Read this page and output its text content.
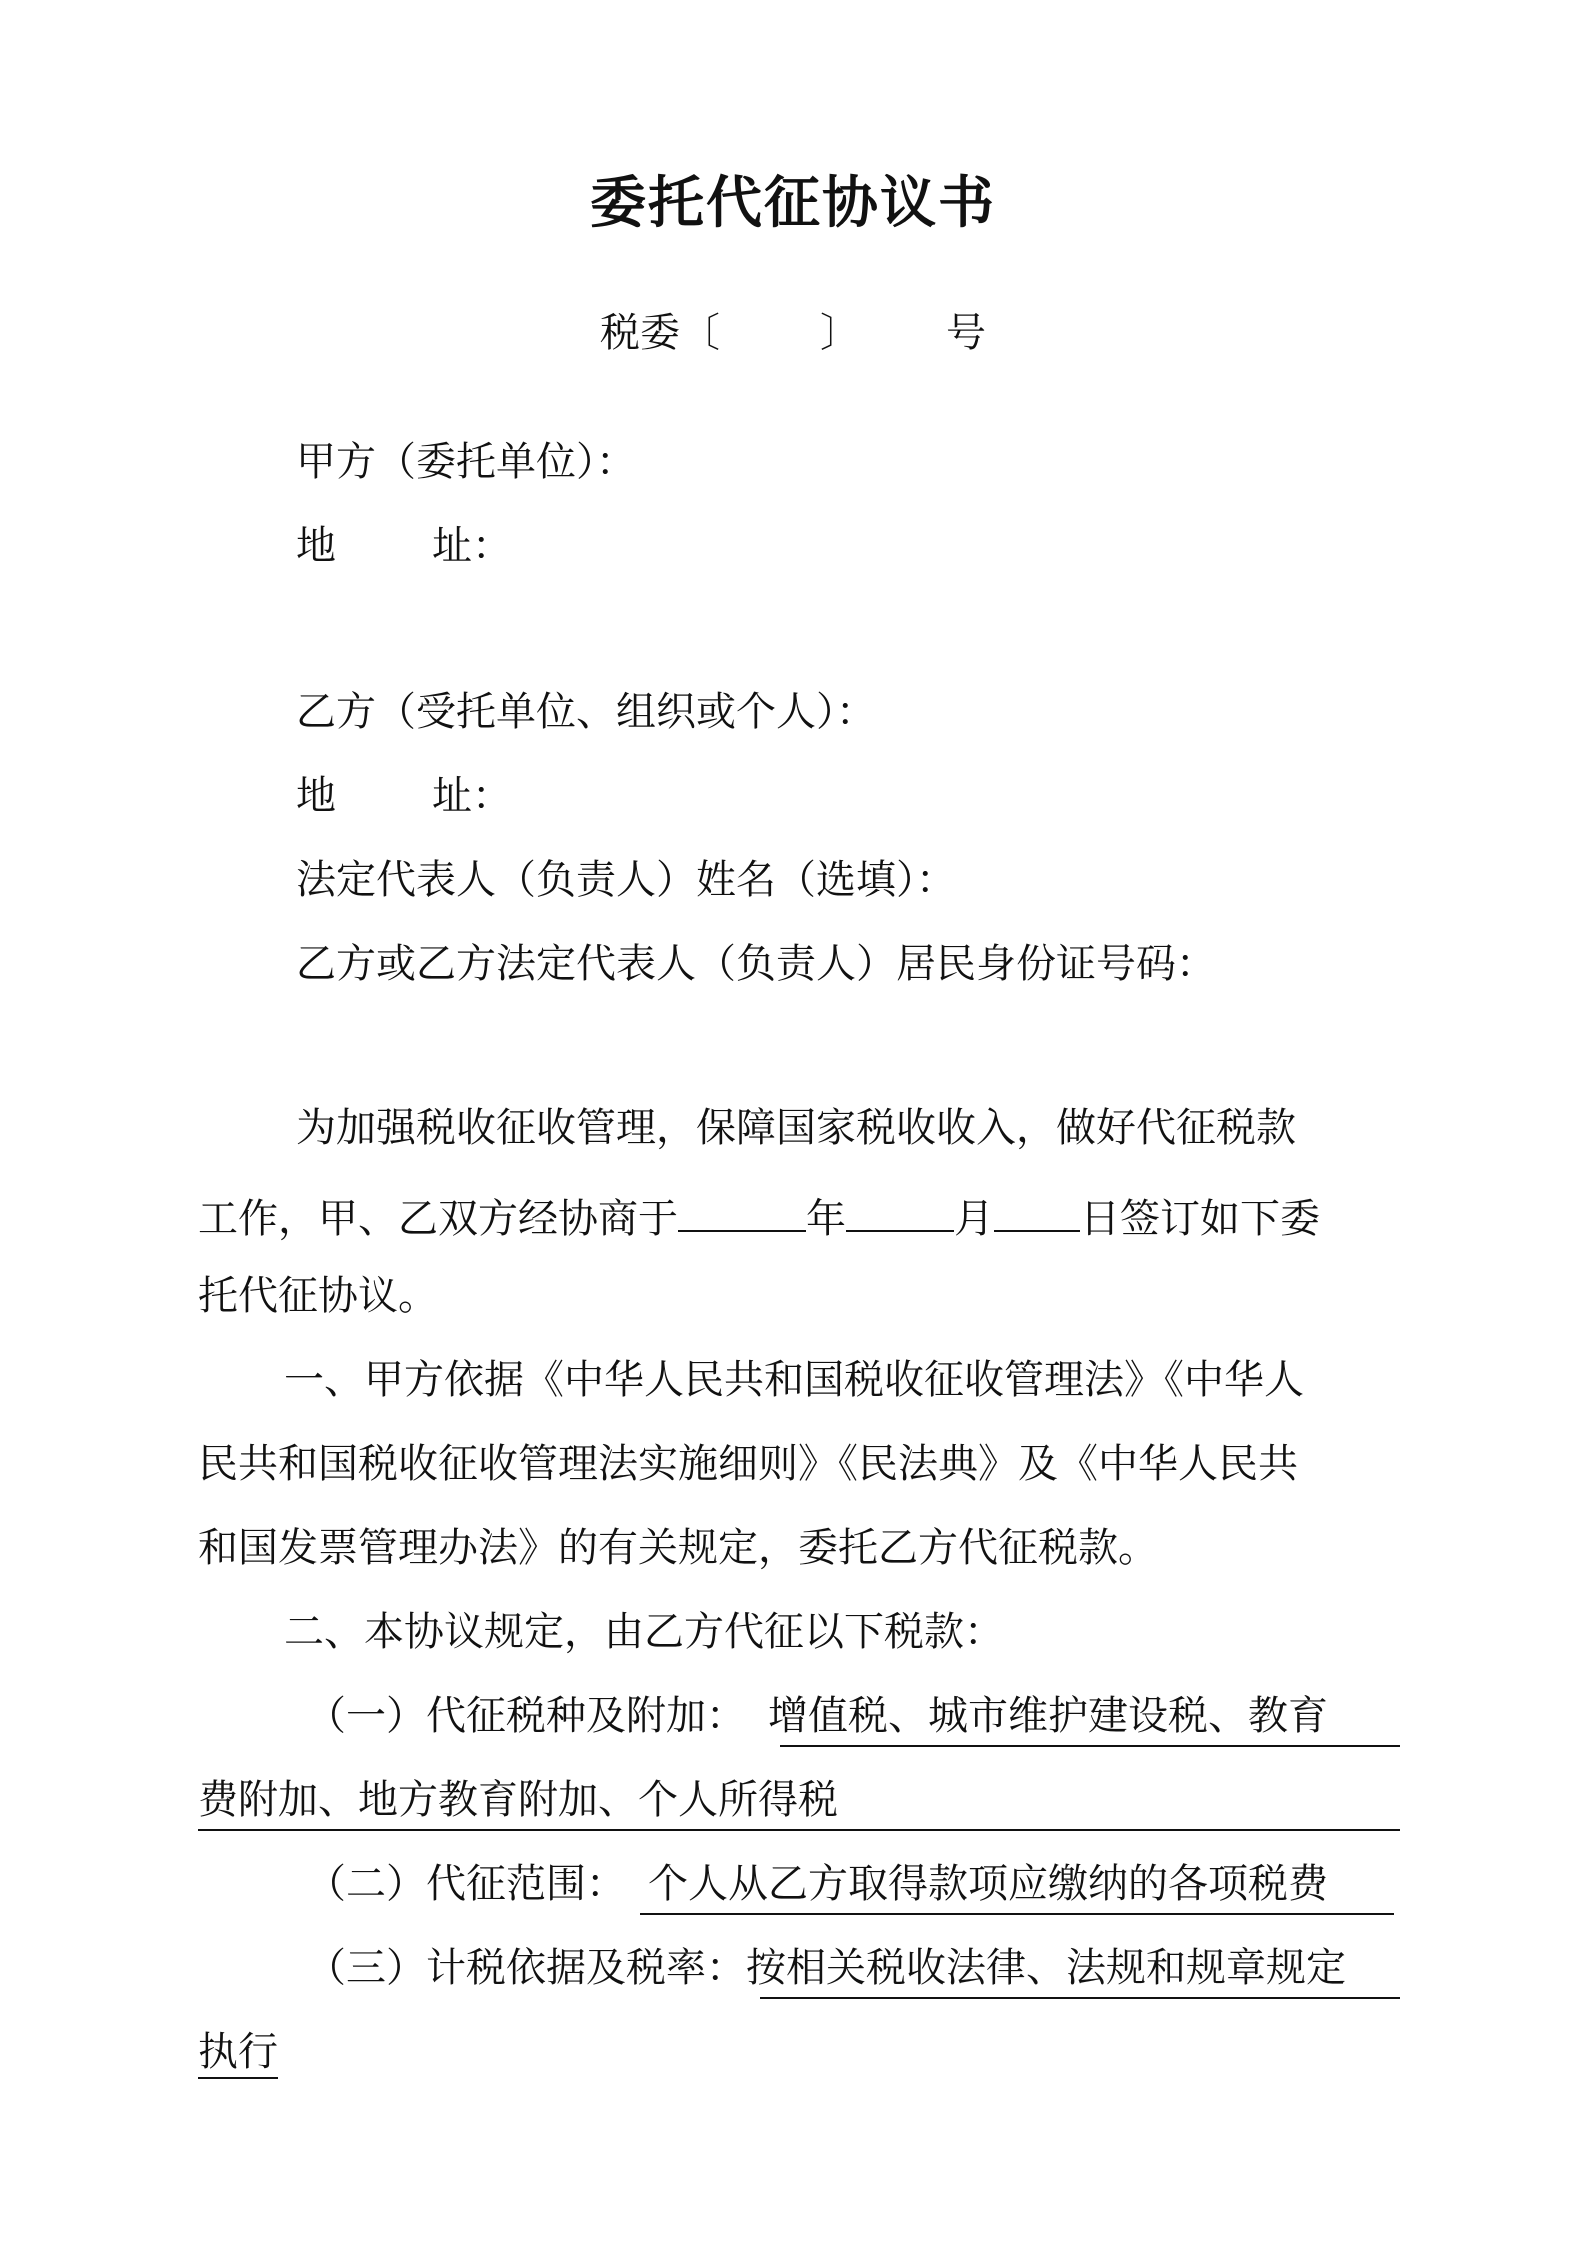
委托代征协议书
税委〔	〕 号
甲方（委托单位）：
地 址：
乙方（受托单位、组织或个人）：
地 址：
法定代表人（负责人）姓名（选填）：
乙方或乙方法定代表人（负责人）居民身份证号码：
为加强税收征收管理，保障国家税收收入，做好代征税款
工作，甲、乙双方经协商于	年	月 日签订如下委
托代征协议。
一、甲方依据《中华人民共和国税收征收管理法》《中华人
民共和国税收征收管理法实施细则》《民法典》及《中华人民共
和国发票管理办法》的有关规定，委托乙方代征税款。
二、本协议规定，由乙方代征以下税款：
（一）代征税种及附加： 增值税、城市维护建设税、教育
费附加、地方教育附加、个人所得税
（二）代征范围： 个人从乙方取得款项应缴纳的各项税费
（三）计税依据及税率：按相关税收法律、法规和规章规定
执行
